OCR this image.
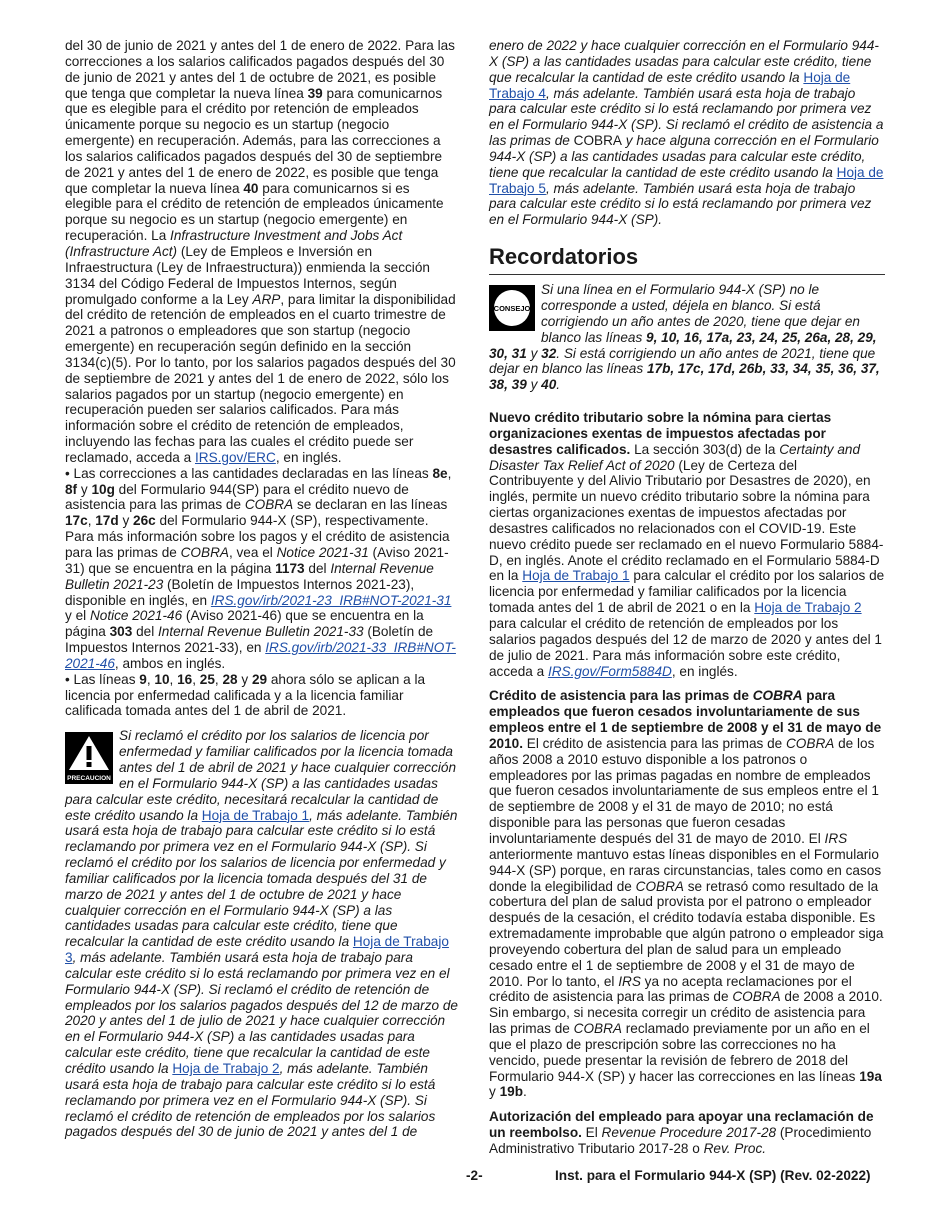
del 30 de junio de 2021 y antes del 1 de enero de 2022. Para las correcciones a los salarios calificados pagados después del 30 de junio de 2021 y antes del 1 de octubre de 2021, es posible que tenga que completar la nueva línea 39 para comunicarnos que es elegible para el crédito por retención de empleados únicamente porque su negocio es un startup (negocio emergente) en recuperación. Además, para las correcciones a los salarios calificados pagados después del 30 de septiembre de 2021 y antes del 1 de enero de 2022, es posible que tenga que completar la nueva línea 40 para comunicarnos si es elegible para el crédito de retención de empleados únicamente porque su negocio es un startup (negocio emergente) en recuperación. La Infrastructure Investment and Jobs Act (Infrastructure Act) (Ley de Empleos e Inversión en Infraestructura (Ley de Infraestructura)) enmienda la sección 3134 del Código Federal de Impuestos Internos, según promulgado conforme a la Ley ARP, para limitar la disponibilidad del crédito de retención de empleados en el cuarto trimestre de 2021 a patronos o empleadores que son startup (negocio emergente) en recuperación según definido en la sección 3134(c)(5). Por lo tanto, por los salarios pagados después del 30 de septiembre de 2021 y antes del 1 de enero de 2022, sólo los salarios pagados por un startup (negocio emergente) en recuperación pueden ser salarios calificados. Para más información sobre el crédito de retención de empleados, incluyendo las fechas para las cuales el crédito puede ser reclamado, acceda a IRS.gov/ERC, en inglés.

• Las correcciones a las cantidades declaradas en las líneas 8e, 8f y 10g del Formulario 944(SP) para el crédito nuevo de asistencia para las primas de COBRA se declaran en las líneas 17c, 17d y 26c del Formulario 944-X (SP), respectivamente. Para más información sobre los pagos y el crédito de asistencia para las primas de COBRA, vea el Notice 2021-31 (Aviso 2021-31) que se encuentra en la página 1173 del Internal Revenue Bulletin 2021-23 (Boletín de Impuestos Internos 2021-23), disponible en inglés, en IRS.gov/irb/2021-23_IRB#NOT-2021-31 y el Notice 2021-46 (Aviso 2021-46) que se encuentra en la página 303 del Internal Revenue Bulletin 2021-33 (Boletín de Impuestos Internos 2021-33), en IRS.gov/irb/2021-33_IRB#NOT-2021-46, ambos en inglés.

• Las líneas 9, 10, 16, 25, 28 y 29 ahora sólo se aplican a la licencia por enfermedad calificada y a la licencia familiar calificada tomada antes del 1 de abril de 2021.

PRECAUCION
Si reclamó el crédito por los salarios de licencia por enfermedad y familiar calificados por la licencia tomada antes del 1 de abril de 2021 y hace cualquier corrección en el Formulario 944-X (SP) a las cantidades usadas para calcular este crédito, necesitará recalcular la cantidad de este crédito usando la Hoja de Trabajo 1, más adelante. También usará esta hoja de trabajo para calcular este crédito si lo está reclamando por primera vez en el Formulario 944-X (SP). Si reclamó el crédito por los salarios de licencia por enfermedad y familiar calificados por la licencia tomada después del 31 de marzo de 2021 y antes del 1 de octubre de 2021 y hace cualquier corrección en el Formulario 944-X (SP) a las cantidades usadas para calcular este crédito, tiene que recalcular la cantidad de este crédito usando la Hoja de Trabajo 3, más adelante. También usará esta hoja de trabajo para calcular este crédito si lo está reclamando por primera vez en el Formulario 944-X (SP). Si reclamó el crédito de retención de empleados por los salarios pagados después del 12 de marzo de 2020 y antes del 1 de julio de 2021 y hace cualquier corrección en el Formulario 944-X (SP) a las cantidades usadas para calcular este crédito, tiene que recalcular la cantidad de este crédito usando la Hoja de Trabajo 2, más adelante. También usará esta hoja de trabajo para calcular este crédito si lo está reclamando por primera vez en el Formulario 944-X (SP). Si reclamó el crédito de retención de empleados por los salarios pagados después del 30 de junio de 2021 y antes del 1 de

enero de 2022 y hace cualquier corrección en el Formulario 944-X (SP) a las cantidades usadas para calcular este crédito, tiene que recalcular la cantidad de este crédito usando la Hoja de Trabajo 4, más adelante. También usará esta hoja de trabajo para calcular este crédito si lo está reclamando por primera vez en el Formulario 944-X (SP). Si reclamó el crédito de asistencia a las primas de COBRA y hace alguna corrección en el Formulario 944-X (SP) a las cantidades usadas para calcular este crédito, tiene que recalcular la cantidad de este crédito usando la Hoja de Trabajo 5, más adelante. También usará esta hoja de trabajo para calcular este crédito si lo está reclamando por primera vez en el Formulario 944-X (SP).

Recordatorios
CONSEJO
Si una línea en el Formulario 944-X (SP) no le corresponde a usted, déjela en blanco. Si está corrigiendo un año antes de 2020, tiene que dejar en blanco las líneas 9, 10, 16, 17a, 23, 24, 25, 26a, 28, 29, 30, 31 y 32. Si está corrigiendo un año antes de 2021, tiene que dejar en blanco las líneas 17b, 17c, 17d, 26b, 33, 34, 35, 36, 37, 38, 39 y 40.

Nuevo crédito tributario sobre la nómina para ciertas organizaciones exentas de impuestos afectadas por desastres calificados. La sección 303(d) de la Certainty and Disaster Tax Relief Act of 2020 (Ley de Certeza del Contribuyente y del Alivio Tributario por Desastres de 2020), en inglés, permite un nuevo crédito tributario sobre la nómina para ciertas organizaciones exentas de impuestos afectadas por desastres calificados no relacionados con el COVID-19. Este nuevo crédito puede ser reclamado en el nuevo Formulario 5884-D, en inglés. Anote el crédito reclamado en el Formulario 5884-D en la Hoja de Trabajo 1 para calcular el crédito por los salarios de licencia por enfermedad y familiar calificados por la licencia tomada antes del 1 de abril de 2021 o en la Hoja de Trabajo 2 para calcular el crédito de retención de empleados por los salarios pagados después del 12 de marzo de 2020 y antes del 1 de julio de 2021. Para más información sobre este crédito, acceda a IRS.gov/Form5884D, en inglés.

Crédito de asistencia para las primas de COBRA para empleados que fueron cesados involuntariamente de sus empleos entre el 1 de septiembre de 2008 y el 31 de mayo de 2010. El crédito de asistencia para las primas de COBRA de los años 2008 a 2010 estuvo disponible a los patronos o empleadores por las primas pagadas en nombre de empleados que fueron cesados involuntariamente de sus empleos entre el 1 de septiembre de 2008 y el 31 de mayo de 2010; no está disponible para las personas que fueron cesadas involuntariamente después del 31 de mayo de 2010. El IRS anteriormente mantuvo estas líneas disponibles en el Formulario 944-X (SP) porque, en raras circunstancias, tales como en casos donde la elegibilidad de COBRA se retrasó como resultado de la cobertura del plan de salud provista por el patrono o empleador después de la cesación, el crédito todavía estaba disponible. Es extremadamente improbable que algún patrono o empleador siga proveyendo cobertura del plan de salud para un empleado cesado entre el 1 de septiembre de 2008 y el 31 de mayo de 2010. Por lo tanto, el IRS ya no acepta reclamaciones por el crédito de asistencia para las primas de COBRA de 2008 a 2010. Sin embargo, si necesita corregir un crédito de asistencia para las primas de COBRA reclamado previamente por un año en el que el plazo de prescripción sobre las correcciones no ha vencido, puede presentar la revisión de febrero de 2018 del Formulario 944-X (SP) y hacer las correcciones en las líneas 19a y 19b.

Autorización del empleado para apoyar una reclamación de un reembolso. El Revenue Procedure 2017-28 (Procedimiento Administrativo Tributario 2017-28 o Rev. Proc.

-2-	Inst. para el Formulario 944-X (SP) (Rev. 02-2022)
